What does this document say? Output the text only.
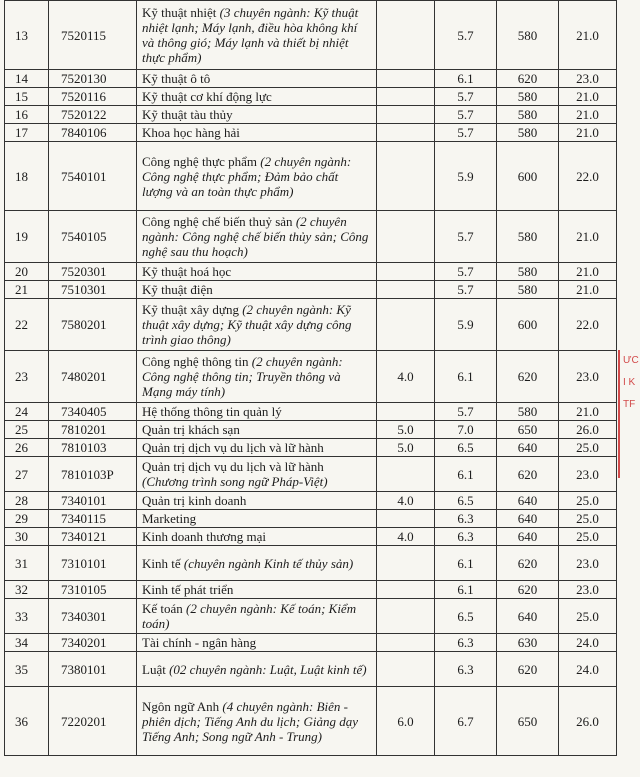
13	7520115	Kỹ thuật nhiệt (3 chuyên ngành: Kỹ thuật nhiệt lạnh; Máy lạnh, điều hòa không khí và thông gió; Máy lạnh và thiết bị nhiệt thực phẩm)		5.7	580	21.0
14	7520130	Kỹ thuật ô tô		6.1	620	23.0
15	7520116	Kỹ thuật cơ khí động lực		5.7	580	21.0
16	7520122	Kỹ thuật tàu thủy		5.7	580	21.0
17	7840106	Khoa học hàng hải		5.7	580	21.0
18	7540101	Công nghệ thực phẩm (2 chuyên ngành: Công nghệ thực phẩm; Đảm bảo chất lượng và an toàn thực phẩm)		5.9	600	22.0
19	7540105	Công nghệ chế biến thuỷ sản (2 chuyên ngành: Công nghệ chế biến thủy sản; Công nghệ sau thu hoạch)		5.7	580	21.0
20	7520301	Kỹ thuật hoá học		5.7	580	21.0
21	7510301	Kỹ thuật điện		5.7	580	21.0
22	7580201	Kỹ thuật xây dựng (2 chuyên ngành: Kỹ thuật xây dựng; Kỹ thuật xây dựng công trình giao thông)		5.9	600	22.0
23	7480201	Công nghệ thông tin (2 chuyên ngành: Công nghệ thông tin; Truyền thông và Mạng máy tính)	4.0	6.1	620	23.0
24	7340405	Hệ thống thông tin quản lý		5.7	580	21.0
25	7810201	Quản trị khách sạn	5.0	7.0	650	26.0
26	7810103	Quản trị dịch vụ du lịch và lữ hành	5.0	6.5	640	25.0
27	7810103P	Quản trị dịch vụ du lịch và lữ hành (Chương trình song ngữ Pháp-Việt)		6.1	620	23.0
28	7340101	Quản trị kinh doanh	4.0	6.5	640	25.0
29	7340115	Marketing		6.3	640	25.0
30	7340121	Kinh doanh thương mại	4.0	6.3	640	25.0
31	7310101	Kinh tế (chuyên ngành Kinh tế thủy sản)		6.1	620	23.0
32	7310105	Kinh tế phát triển		6.1	620	23.0
33	7340301	Kế toán (2 chuyên ngành: Kế toán; Kiểm toán)		6.5	640	25.0
34	7340201	Tài chính - ngân hàng		6.3	630	24.0
35	7380101	Luật (02 chuyên ngành: Luật, Luật kinh tế)		6.3	620	24.0
36	7220201	Ngôn ngữ Anh (4 chuyên ngành: Biên - phiên dịch; Tiếng Anh du lịch; Giảng dạy Tiếng Anh; Song ngữ Anh - Trung)	6.0	6.7	650	26.0
ƯC
I K
TF
